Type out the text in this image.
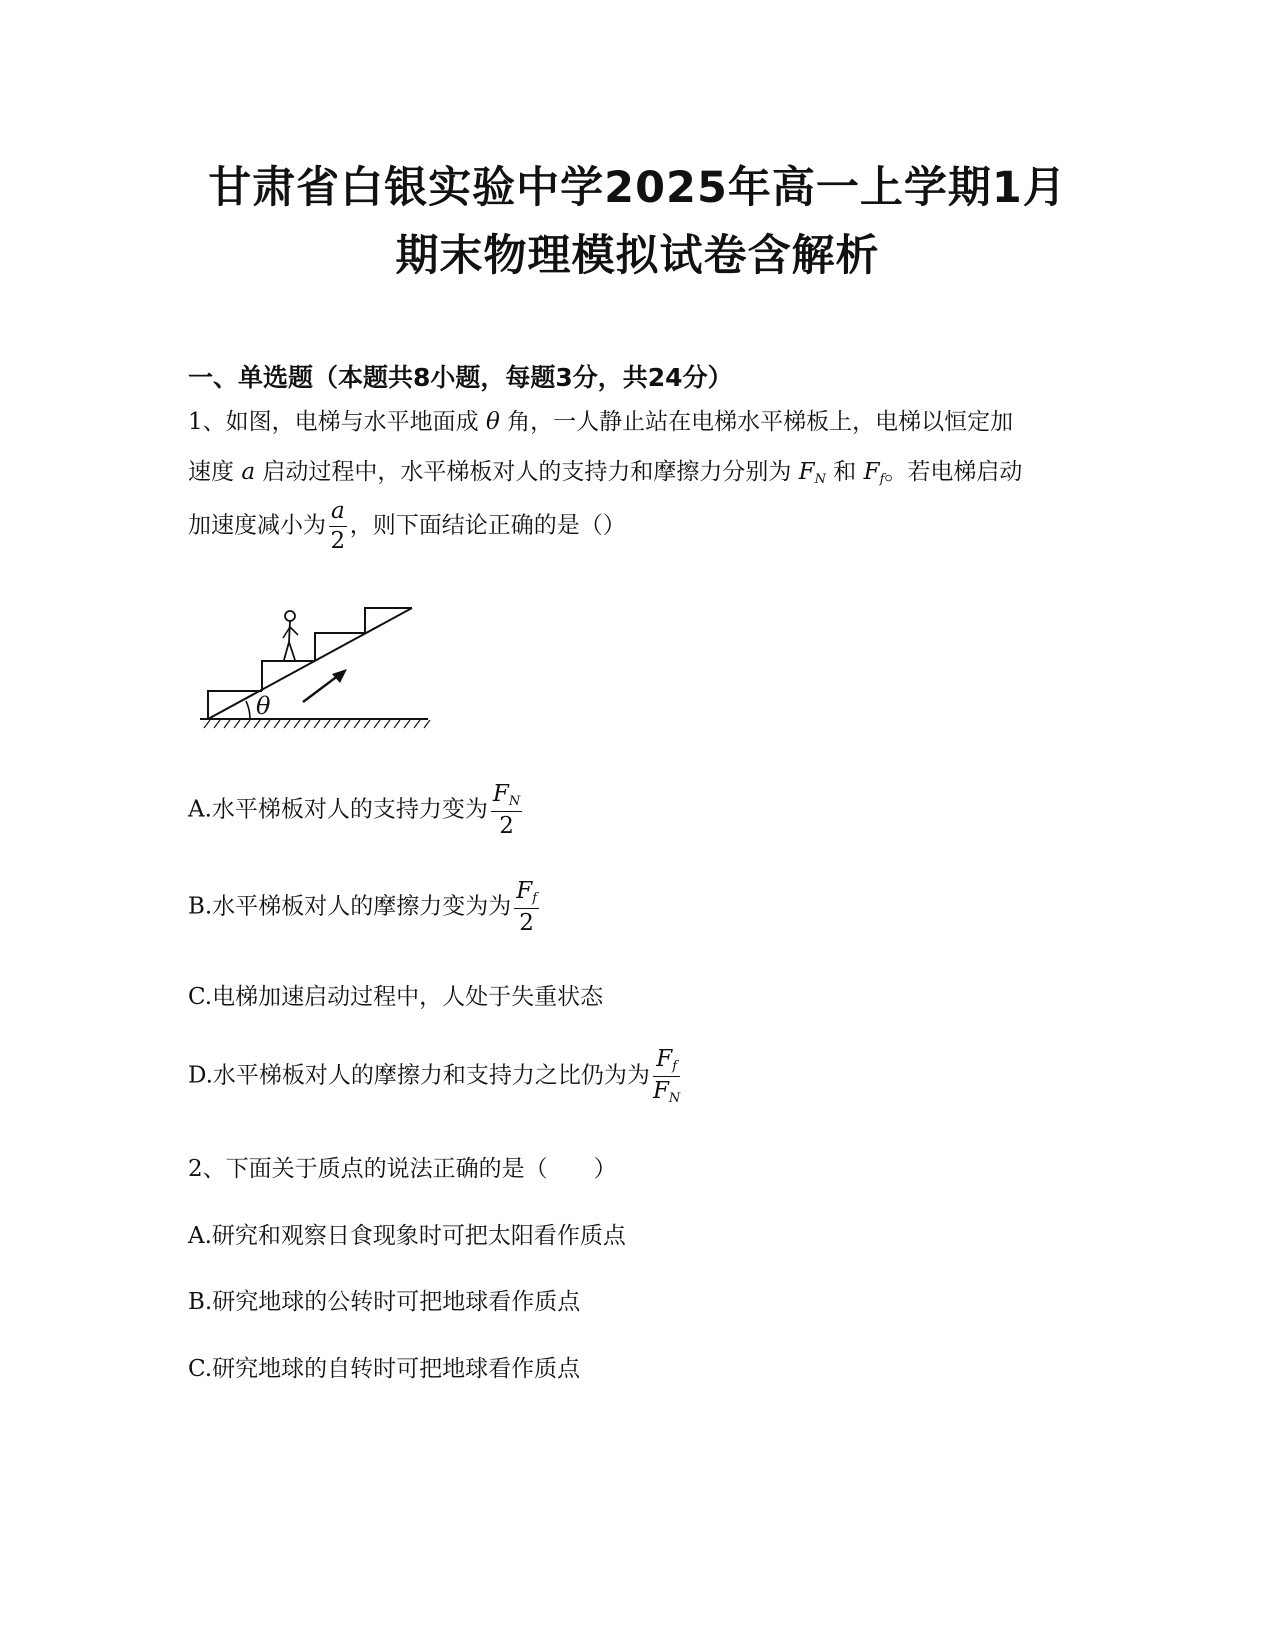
甘肃省白银实验中学2025年高一上学期1月
期末物理模拟试卷含解析
一、单选题（本题共8小题，每题3分，共24分）

1、如图，电梯与水平地面成 θ 角，一人静止站在电梯水平梯板上，电梯以恒定加

速度 a 启动过程中，水平梯板对人的支持力和摩擦力分别为 $F_N$ 和 $F_f$。若电梯启动

加速度减小为 $\frac{a}{2}$ ，则下面结论正确的是（）

θ

A.水平梯板对人的支持力变为 $\frac{F_N}{2}$

B.水平梯板对人的摩擦力变为为 $\frac{F_f}{2}$

C.电梯加速启动过程中，人处于失重状态

D.水平梯板对人的摩擦力和支持力之比仍为为 $\frac{F_f}{F_N}$

2、下面关于质点的说法正确的是（　　）

A.研究和观察日食现象时可把太阳看作质点

B.研究地球的公转时可把地球看作质点

C.研究地球的自转时可把地球看作质点
